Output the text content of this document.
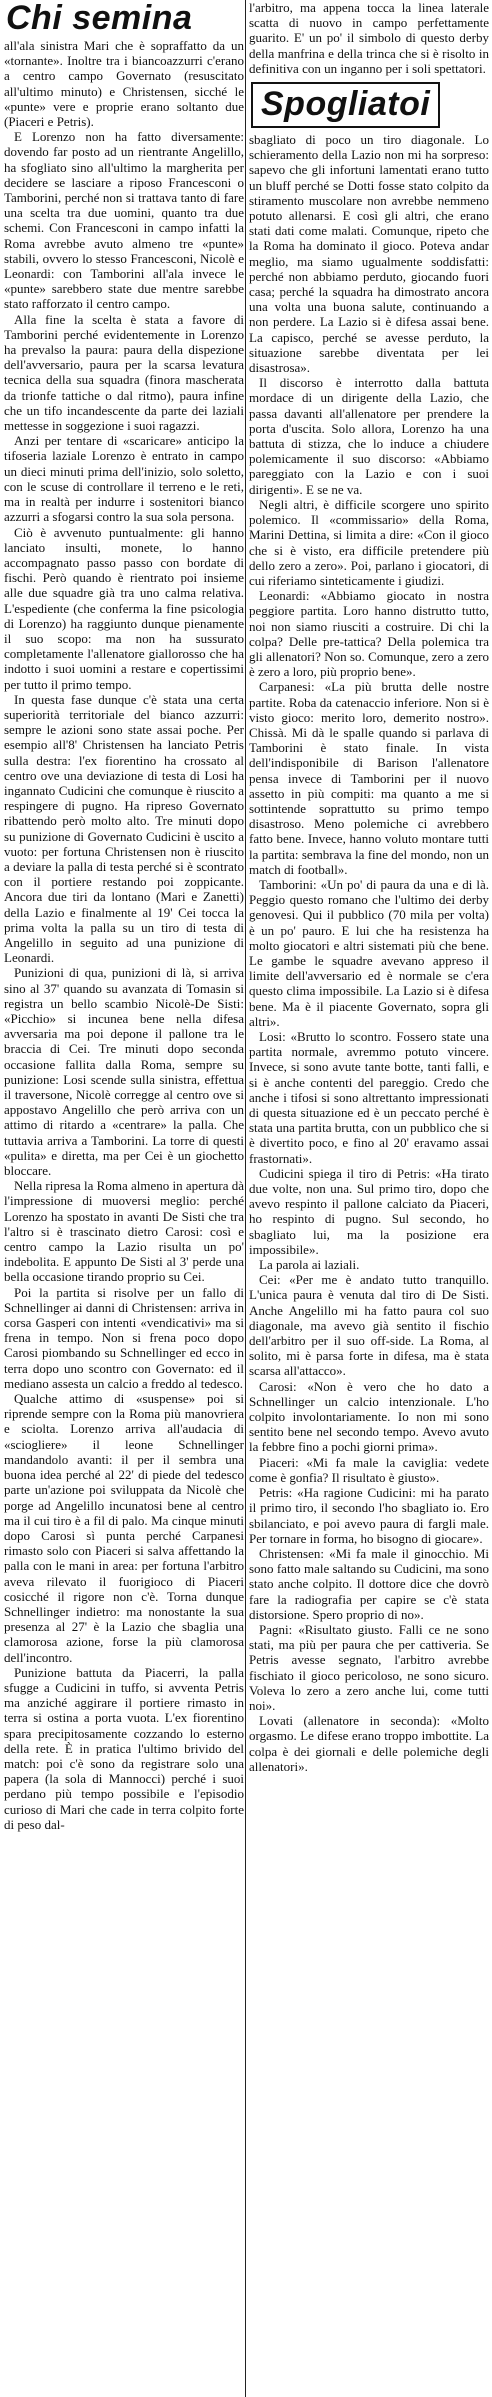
Chi semina

all'ala sinistra Mari che è sopraffatto da un «tornante». Inoltre tra i biancoazzurri c'erano a centro campo Governato (resuscitato all'ultimo minuto) e Christensen, sicché le «punte» vere e proprie erano soltanto due (Piaceri e Petris).

E Lorenzo non ha fatto diversamente: dovendo far posto ad un rientrante Angelillo, ha sfogliato sino all'ultimo la margherita per decidere se lasciare a riposo Francesconi o Tamborini, perché non si trattava tanto di fare una scelta tra due uomini, quanto tra due schemi. Con Francesconi in campo infatti la Roma avrebbe avuto almeno tre «punte» stabili, ovvero lo stesso Francesconi, Nicolè e Leonardi: con Tamborini all'ala invece le «punte» sarebbero state due mentre sarebbe stato rafforzato il centro campo.

Alla fine la scelta è stata a favore di Tamborini perché evidentemente in Lorenzo ha prevalso la paura: paura della dispezione dell'avversario, paura per la scarsa levatura tecnica della sua squadra (finora mascherata da trionfe tattiche o dal ritmo), paura infine che un tifo incandescente da parte dei laziali mettesse in soggezione i suoi ragazzi.

Anzi per tentare di «scaricare» anticipo la tifoseria laziale Lorenzo è entrato in campo un dieci minuti prima dell'inizio, solo soletto, con le scuse di controllare il terreno e le reti, ma in realtà per indurre i sostenitori bianco azzurri a sfogarsi contro la sua sola persona.

Ciò è avvenuto puntualmente: gli hanno lanciato insulti, monete, lo hanno accompagnato passo passo con bordate di fischi. Però quando è rientrato poi insieme alle due squadre già tra uno calma relativa. L'espediente (che conferma la fine psicologia di Lorenzo) ha raggiunto dunque pienamente il suo scopo: ma non ha sussurato completamente l'allenatore giallorosso che ha indotto i suoi uomini a restare e copertissimi per tutto il primo tempo.

In questa fase dunque c'è stata una certa superiorità territoriale del bianco azzurri: sempre le azioni sono state assai poche. Per esempio all'8' Christensen ha lanciato Petris sulla destra: l'ex fiorentino ha crossato al centro ove una deviazione di testa di Losi ha ingannato Cudicini che comunque è riuscito a respingere di pugno. Ha ripreso Governato ribattendo però molto alto. Tre minuti dopo su punizione di Governato Cudicini è uscito a vuoto: per fortuna Christensen non è riuscito a deviare la palla di testa perché si è scontrato con il portiere restando poi zoppicante. Ancora due tiri da lontano (Mari e Zanetti) della Lazio e finalmente al 19' Cei tocca la prima volta la palla su un tiro di testa di Angelillo in seguito ad una punizione di Leonardi.

Punizioni di qua, punizioni di là, si arriva sino al 37' quando su avanzata di Tomasin si registra un bello scambio Nicolè-De Sisti: «Picchio» si incunea bene nella difesa avversaria ma poi depone il pallone tra le braccia di Cei. Tre minuti dopo seconda occasione fallita dalla Roma, sempre su punizione: Losi scende sulla sinistra, effettua il traversone, Nicolè corregge al centro ove si appostavo Angelillo che però arriva con un attimo di ritardo a «centrare» la palla. Che tuttavia arriva a Tamborini. La torre di questi «pulita» e diretta, ma per Cei è un giochetto bloccare.

Nella ripresa la Roma almeno in apertura dà l'impressione di muoversi meglio: perché Lorenzo ha spostato in avanti De Sisti che tra l'altro si è trascinato dietro Carosi: così e centro campo la Lazio risulta un po' indebolita. E appunto De Sisti al 3' perde una bella occasione tirando proprio su Cei.

Poi la partita si risolve per un fallo di Schnellinger ai danni di Christensen: arriva in corsa Gasperi con intenti «vendicativi» ma si frena in tempo. Non si frena poco dopo Carosi piombando su Schnellinger ed ecco in terra dopo uno scontro con Governato: ed il mediano assesta un calcio a freddo al tedesco.

Qualche attimo di «suspense» poi si riprende sempre con la Roma più manovriera e sciolta. Lorenzo arriva all'audacia di «sciogliere» il leone Schnellinger mandandolo avanti: il per il sembra una buona idea perché al 22' di piede del tedesco parte un'azione poi sviluppata da Nicolè che porge ad Angelillo incunatosi bene al centro ma il cui tiro è a fil di palo. Ma cinque minuti dopo Carosi sì punta perché Carpanesi rimasto solo con Piaceri si salva affettando la palla con le mani in area: per fortuna l'arbitro aveva rilevato il fuorigioco di Piaceri cosicché il rigore non c'è. Torna dunque Schnellinger indietro: ma nonostante la sua presenza al 27' è la Lazio che sbaglia una clamorosa azione, forse la più clamorosa dell'incontro.

Punizione battuta da Piacerri, la palla sfugge a Cudicini in tuffo, si avventa Petris ma anziché aggirare il portiere rimasto in terra si ostina a porta vuota. L'ex fiorentino spara precipitosamente cozzando lo esterno della rete. È in pratica l'ultimo brivido del match: poi c'è sono da registrare solo una papera (la sola di Mannocci) perché i suoi perdano più tempo possibile e l'episodio curioso di Mari che cade in terra colpito forte di peso dal-

l'arbitro, ma appena tocca la linea laterale scatta di nuovo in campo perfettamente guarito. E' un po' il simbolo di questo derby della manfrina e della trinca che si è risolto in definitiva con un inganno per i soli spettatori.

Spogliatoi

sbagliato di poco un tiro diagonale. Lo schieramento della Lazio non mi ha sorpreso: sapevo che gli infortuni lamentati erano tutto un bluff perché se Dotti fosse stato colpito da stiramento muscolare non avrebbe nemmeno potuto allenarsi. E così gli altri, che erano stati dati come malati. Comunque, ripeto che la Roma ha dominato il gioco. Poteva andar meglio, ma siamo ugualmente soddisfatti: perché non abbiamo perduto, giocando fuori casa; perché la squadra ha dimostrato ancora una volta una buona salute, continuando a non perdere. La Lazio si è difesa assai bene. La capisco, perché se avesse perduto, la situazione sarebbe diventata per lei disastrosa».

Il discorso è interrotto dalla battuta mordace di un dirigente della Lazio, che passa davanti all'allenatore per prendere la porta d'uscita. Solo allora, Lorenzo ha una battuta di stizza, che lo induce a chiudere polemicamente il suo discorso: «Abbiamo pareggiato con la Lazio e con i suoi dirigenti». E se ne va.

Negli altri, è difficile scorgere uno spirito polemico. Il «commissario» della Roma, Marini Dettina, si limita a dire: «Con il gioco che si è visto, era difficile pretendere più dello zero a zero». Poi, parlano i giocatori, di cui riferiamo sinteticamente i giudizi.

Leonardi: «Abbiamo giocato in nostra peggiore partita. Loro hanno distrutto tutto, noi non siamo riusciti a costruire. Di chi la colpa? Delle pre-tattica? Della polemica tra gli allenatori? Non so. Comunque, zero a zero è zero a loro, più proprio bene».

Carpanesi: «La più brutta delle nostre partite. Roba da catenaccio inferiore. Non si è visto gioco: merito loro, demerito nostro». Chissà. Mi dà le spalle quando si parlava di Tamborini è stato finale. In vista dell'indisponibile di Barison l'allenatore pensa invece di Tamborini per il nuovo assetto in più compiti: ma quanto a me si sottintende soprattutto su primo tempo disastroso. Meno polemiche ci avrebbero fatto bene. Invece, hanno voluto montare tutti la partita: sembrava la fine del mondo, non un match di football».

Tamborini: «Un po' di paura da una e di là. Peggio questo romano che l'ultimo dei derby genovesi. Qui il pubblico (70 mila per volta) è un po' pauro. E lui che ha resistenza ha molto giocatori e altri sistemati più che bene. Le gambe le squadre avevano appreso il limite dell'avversario ed è normale se c'era questo clima impossibile. La Lazio si è difesa bene. Ma è il piacente Governato, sopra gli altri».

Losi: «Brutto lo scontro. Fossero state una partita normale, avremmo potuto vincere. Invece, si sono avute tante botte, tanti falli, e si è anche contenti del pareggio. Credo che anche i tifosi si sono altrettanto impressionati di questa situazione ed è un peccato perché è stata una partita brutta, con un pubblico che si è divertito poco, e fino al 20' eravamo assai frastornati».

Cudicini spiega il tiro di Petris: «Ha tirato due volte, non una. Sul primo tiro, dopo che avevo respinto il pallone calciato da Piaceri, ho respinto di pugno. Sul secondo, ho sbagliato lui, ma la posizione era impossibile».

La parola ai laziali.

Cei: «Per me è andato tutto tranquillo. L'unica paura è venuta dal tiro di De Sisti. Anche Angelillo mi ha fatto paura col suo diagonale, ma avevo già sentito il fischio dell'arbitro per il suo off-side. La Roma, al solito, mi è parsa forte in difesa, ma è stata scarsa all'attacco».

Carosi: «Non è vero che ho dato a Schnellinger un calcio intenzionale. L'ho colpito involontariamente. Io non mi sono sentito bene nel secondo tempo. Avevo avuto la febbre fino a pochi giorni prima».

Piaceri: «Mi fa male la caviglia: vedete come è gonfia? Il risultato è giusto».

Petris: «Ha ragione Cudicini: mi ha parato il primo tiro, il secondo l'ho sbagliato io. Ero sbilanciato, e poi avevo paura di fargli male. Per tornare in forma, ho bisogno di giocare».

Christensen: «Mi fa male il ginocchio. Mi sono fatto male saltando su Cudicini, ma sono stato anche colpito. Il dottore dice che dovrò fare la radiografia per capire se c'è stata distorsione. Spero proprio di no».

Pagni: «Risultato giusto. Falli ce ne sono stati, ma più per paura che per cattiveria. Se Petris avesse segnato, l'arbitro avrebbe fischiato il gioco pericoloso, ne sono sicuro. Voleva lo zero a zero anche lui, come tutti noi».

Lovati (allenatore in seconda): «Molto orgasmo. Le difese erano troppo imbottite. La colpa è dei giornali e delle polemiche degli allenatori».
